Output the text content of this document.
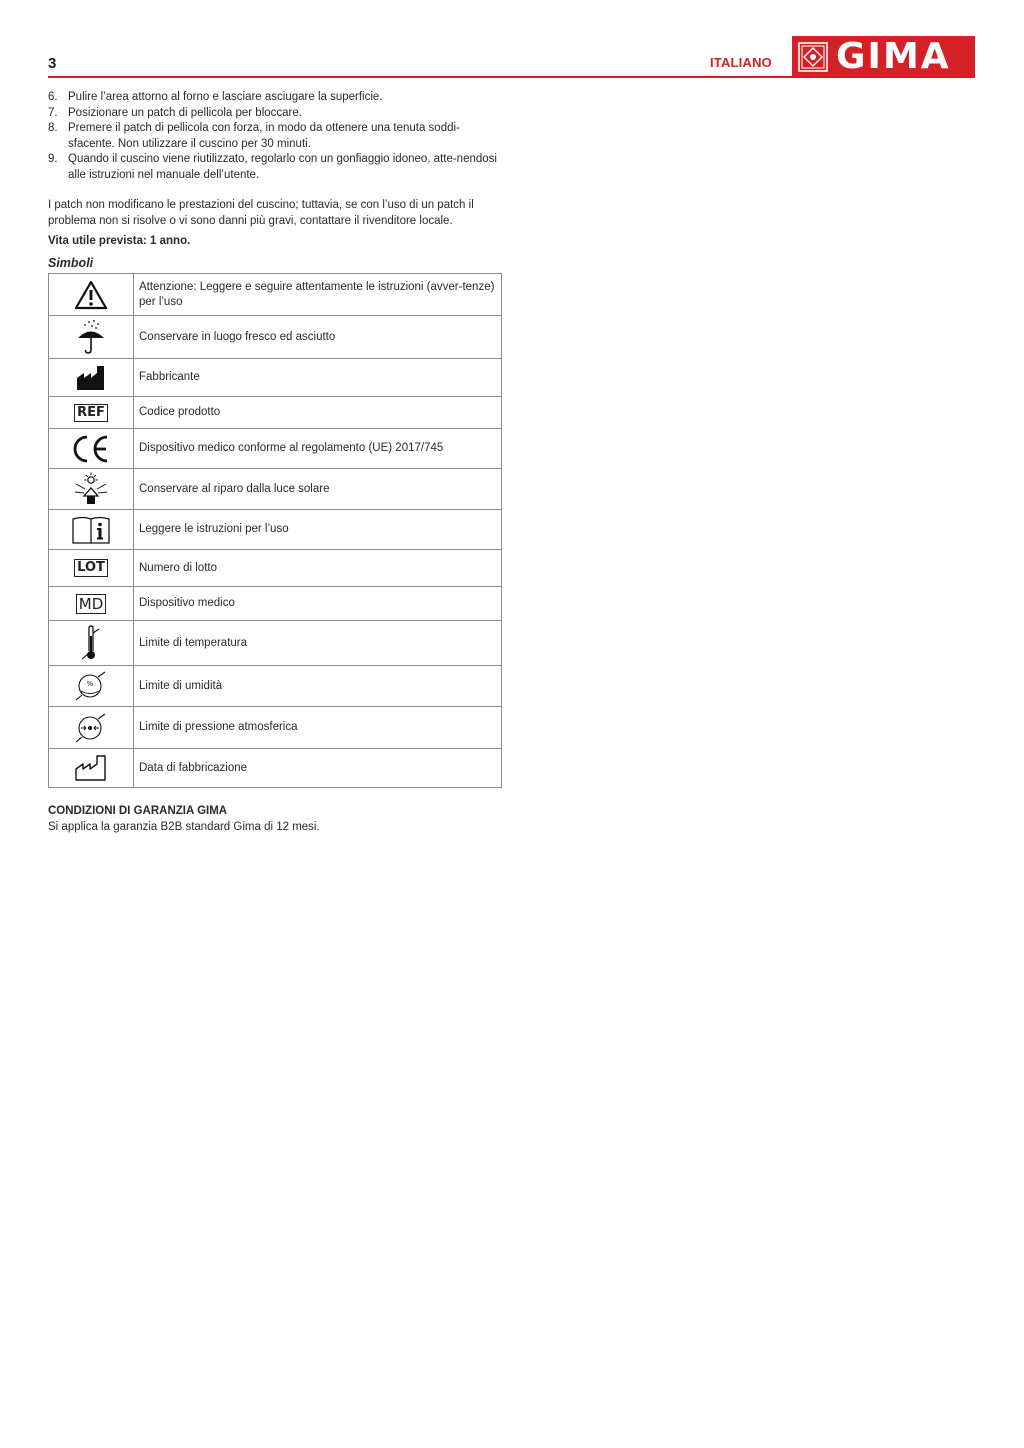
3	ITALIANO GIMA
6. Pulire l’area attorno al forno e lasciare asciugare la superficie.
7. Posizionare un patch di pellicola per bloccare.
8. Premere il patch di pellicola con forza, in modo da ottenere una tenuta soddi-sfacente. Non utilizzare il cuscino per 30 minuti.
9. Quando il cuscino viene riutilizzato, regolarlo con un gonfiaggio idoneo, atte-nendosi alle istruzioni nel manuale dell’utente.

I patch non modificano le prestazioni del cuscino; tuttavia, se con l’uso di un patch il problema non si risolve o vi sono danni più gravi, contattare il rivenditore locale.

Vita utile prevista: 1 anno.

Simboli
	Attenzione: Leggere e seguire attentamente le istruzioni (avver-tenze) per l’uso
	Conservare in luogo fresco ed asciutto
	Fabbricante
REF	Codice prodotto
	Dispositivo medico conforme al regolamento (UE) 2017/745
	Conservare al riparo dalla luce solare
	Leggere le istruzioni per l’uso
LOT	Numero di lotto
MD	Dispositivo medico
	Limite di temperatura

%	Limite di umidità
	Limite di pressione atmosferica
	Data di fabbricazione
CONDIZIONI DI GARANZIA GIMA

Si applica la garanzia B2B standard Gima di 12 mesi.
